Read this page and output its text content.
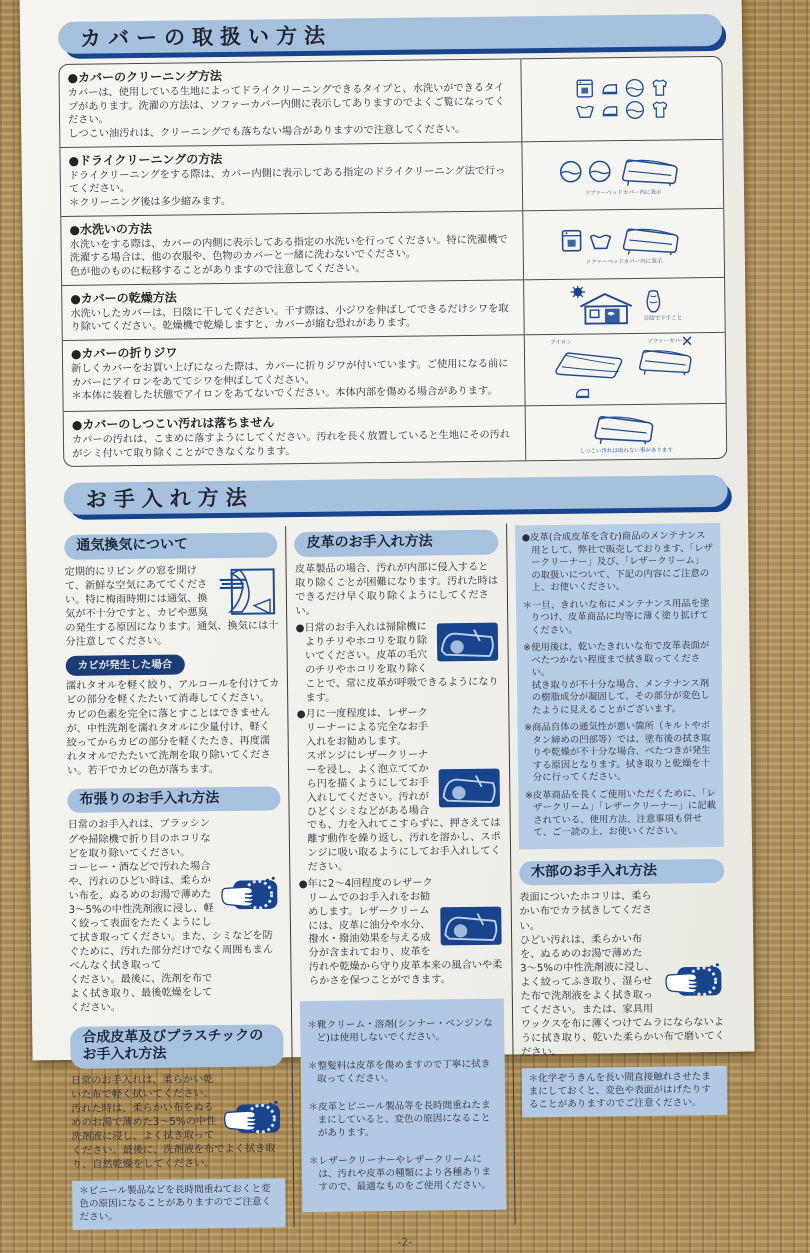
カバーの取扱い方法
●カバーのクリーニング方法
カバーは、使用している生地によってドライクリーニングできるタイプと、水洗いができるタイプがあります。洗濯の方法は、ソファーカバー内側に表示してありますのでよくご覧になってください。
しつこい油汚れは、クリーニングでも落ちない場合がありますので注意してください。
●ドライクリーニングの方法
ドライクリーニングをする際は、カバー内側に表示してある指定のドライクリーニング法で行ってください。
＊クリーニング後は多少縮みます。
ソファーベッドカバー内に表示
●水洗いの方法
水洗いをする際は、カバーの内側に表示してある指定の水洗いを行ってください。特に洗濯機で洗濯する場合は、他の衣服や、色物のカバーと一緒に洗わないでください。
色が他のものに転移することがありますので注意してください。
ソファーベッドカバー内に表示
●カバーの乾燥方法
水洗いしたカバーは、日陰に干してください。干す際は、小ジワを伸ばしてできるだけシワを取り除いてください。乾燥機で乾燥しますと、カバーが縮む恐れがあります。	日陰で干すこと
●カバーの折りジワ
新しくカバーをお買い上げになった際は、カバーに折りジワが付いています。ご使用になる前にカバーにアイロンをあててシワを伸ばしてください。
＊本体に装着した状態でアイロンをあてないでください。本体内部を傷める場合があります。
アイロン	ソファーカバー
✕
●カバーのしつこい汚れは落ちません
カバーの汚れは、こまめに落すようにしてください。汚れを長く放置していると生地にその汚れがシミ付いて取り除くことができなくなります。	しつこい汚れは取れない事があります
お手入れ方法
通気換気について
定期的にリビングの窓を開けて、新鮮な空気にあててください。特に梅雨時期には通気、換気が不十分ですと、カビや悪臭の発生する原因になります。通気、換気には十分注意してください。
カビが発生した場合
濡れタオルを軽く絞り、アルコールを付けてカビの部分を軽くたたいて消毒してください。カビの色素を完全に落とすことはできませんが、中性洗剤を濡れタオルに少量付け、軽く絞ってからカビの部分を軽くたたき、再度濡れタオルでたたいて洗剤を取り除いてください。若干でカビの色が落ちます。
布張りのお手入れ方法
日常のお手入れは、ブラッシングや掃除機で折り目のホコリなどを取り除いてください。
コーヒー・酒などで汚れた場合や、汚れのひどい時は、柔らかい布を、ぬるめのお湯で薄めた3〜5%の中性洗剤液に浸し、軽く絞って表面をたたくようにして拭き取ってください。また、シミなどを防ぐために、汚れた部分だけでなく周囲もまんべんなく拭き取って
ください。最後に、洗剤を布で
よく拭き取り、最後乾燥をして
ください。
合成皮革及びプラスチックのお手入れ方法
日常のお手入れは、柔らかい乾いた布で軽く拭いてください。汚れた時は、柔らかい布をぬるめのお湯で薄めた3〜5%の中性洗剤液に浸し、よく拭き取ってください。最後に、洗剤液を布でよく拭き取り、自然乾燥をしてください。
＊ビニール製品などを長時間重ねておくと変色の原因になることがありますのでご注意ください。
皮革のお手入れ方法
皮革製品の場合、汚れが内部に侵入すると取り除くことが困難になります。汚れた時はできるだけ早く取り除くようにしてください。
●日常のお手入れは掃除機によりチリやホコリを取り除いてください。皮革の毛穴のチリやホコリを取り除くことで、常に皮革が呼吸できるようになります。
●月に一度程度は、レザークリーナーによる完全なお手入れをお勧めします。
スポンジにレザークリーナーを浸し、よく泡立ててから円を描くようにしてお手入れしてください。汚れがひどくシミなどがある場合でも、力を入れてこすらずに、押さえては離す動作を繰り返し、汚れを溶かし、スポンジに吸い取るようにしてお手入れしてください。
●年に2〜4回程度のレザークリームでのお手入れをお勧めします。レザークリームには、皮革に油分や水分、撥水・撥油効果を与える成分が含まれており、皮革を汚れや乾燥から守り皮革本来の風合いや柔らかさを保つことができます。

＊靴クリーム・溶剤(シンナー・ベンジンなど)は使用しないでください。

＊整髪料は皮革を傷めますので丁寧に拭き取ってください。

＊皮革とビニール製品等を長時間重ねたままにしていると、変色の原因になることがあります。

＊レザークリーナーやレザークリームには、汚れや皮革の種類により各種ありますので、最適なものをご使用ください。

●皮革(合成皮革を含む)商品のメンテナンス用として、弊社で販売しております、「レザークリーナー」及び、「レザークリーム」の取扱いについて、下記の内容にご注意の上、お使いください。
＊一旦、きれいな布にメンテナンス用品を塗りつけ、皮革商品に均等に薄く塗り拡げてください。
※使用後は、乾いたきれいな布で皮革表面がべたつかない程度まで拭き取ってください。
拭き取りが不十分な場合、メンテナンス剤の樹脂成分が凝固して、その部分が変色したように見えることがございます。
※商品自体の通気性が悪い箇所（キルトやボタン締めの凹部等）では、塗布後の拭き取りや乾燥が不十分な場合、べたつきが発生する原因となります。拭き取りと乾燥を十分に行ってください。
※皮革商品を長くご使用いただくために、「レザークリーム」「レザークリーナー」に記載されている、使用方法、注意事項も併せて、ご一読の上、お使いください。
木部のお手入れ方法
表面についたホコリは、柔らかい布でカラ拭きしてください。
ひどい汚れは、柔らかい布を、ぬるめのお湯で薄めた3〜5%の中性洗剤液に浸し、よく絞ってふき取り、湿らせた布で洗剤液をよく拭き取ってください。または、家具用ワックスを布に薄くつけてムラにならないように拭き取り、乾いた柔らかい布で磨いてください。
＊化学ぞうきんを長い間直接触れさせたままにしておくと、変色や表面がはげたりすることがありますのでご注意ください。
-2-
